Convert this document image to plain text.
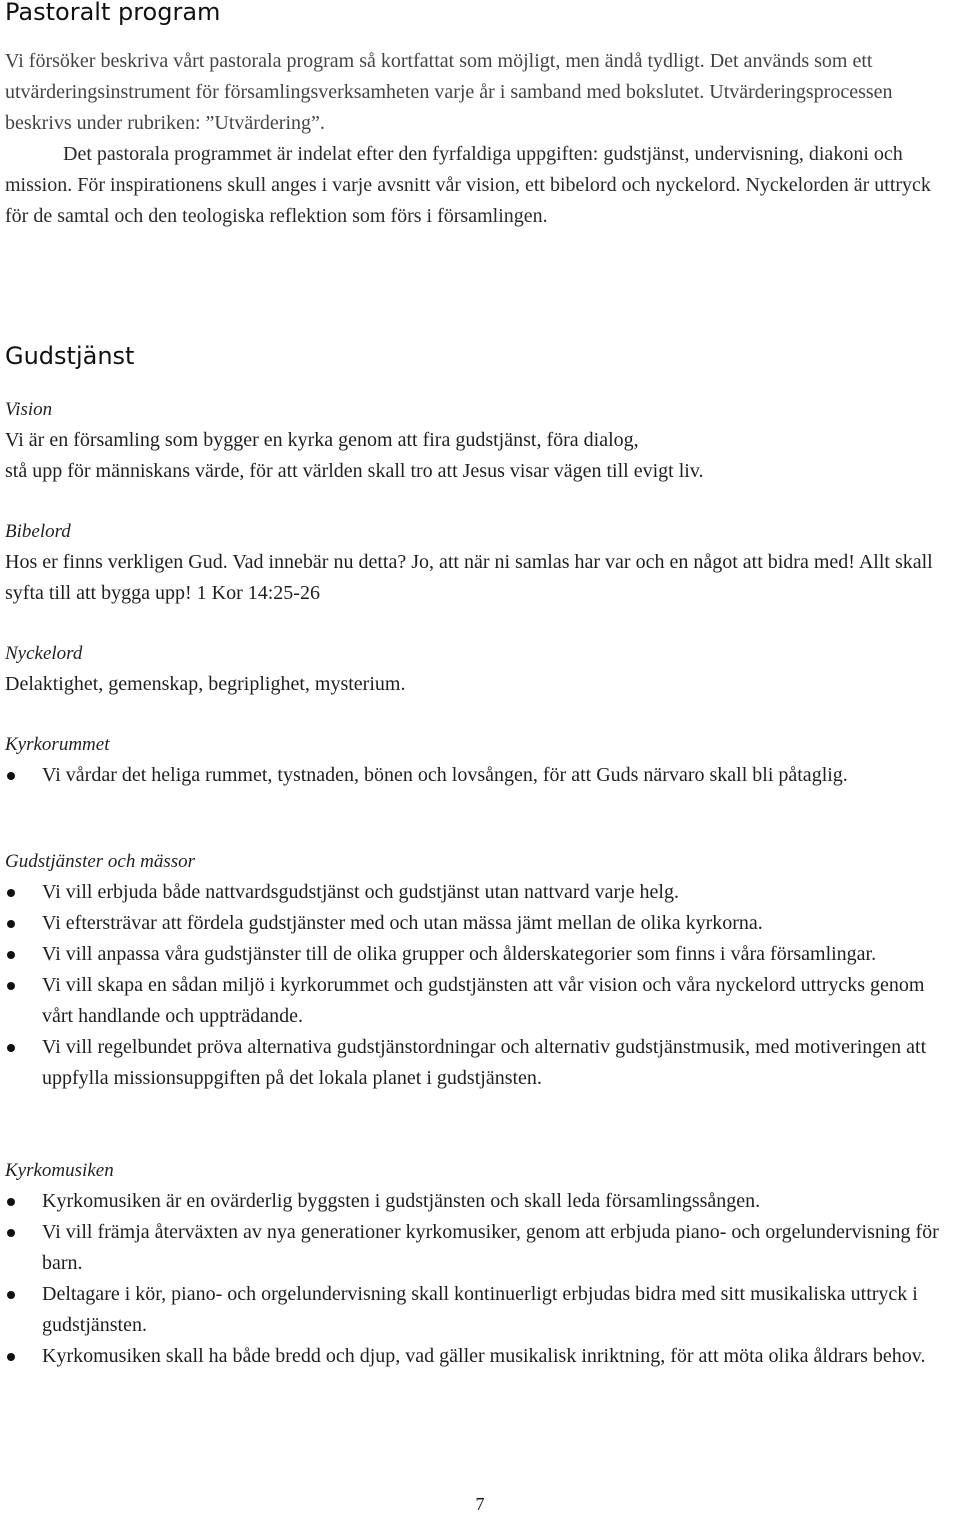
Pastoralt program
Vi försöker beskriva vårt pastorala program så kortfattat som möjligt, men ändå tydligt. Det används som ett utvärderingsinstrument för församlingsverksamheten varje år i samband med bokslutet. Utvärderingsprocessen beskrivs under rubriken: ”Utvärdering”.
Det pastorala programmet är indelat efter den fyrfaldiga uppgiften: gudstjänst, undervisning, diakoni och mission. För inspirationens skull anges i varje avsnitt vår vision, ett bibelord och nyckelord. Nyckelorden är uttryck för de samtal och den teologiska reflektion som förs i församlingen.
Gudstjänst
Vision
Vi är en församling som bygger en kyrka genom att fira gudstjänst, föra dialog,
stå upp för människans värde, för att världen skall tro att Jesus visar vägen till evigt liv.
Bibelord
Hos er finns verkligen Gud. Vad innebär nu detta? Jo, att när ni samlas har var och en något att bidra med! Allt skall syfta till att bygga upp! 1 Kor 14:25-26
Nyckelord
Delaktighet, gemenskap, begriplighet, mysterium.
Kyrkorummet
Vi vårdar det heliga rummet, tystnaden, bönen och lovsången, för att Guds närvaro skall bli påtaglig.
Gudstjänster och mässor
Vi vill erbjuda både nattvardsgudstjänst och gudstjänst utan nattvard varje helg.
Vi eftersträvar att fördela gudstjänster med och utan mässa jämt mellan de olika kyrkorna.
Vi vill anpassa våra gudstjänster till de olika grupper och ålderskategorier som finns i våra församlingar.
Vi vill skapa en sådan miljö i kyrkorummet och gudstjänsten att vår vision och våra nyckelord uttrycks genom vårt handlande och uppträdande.
Vi vill regelbundet pröva alternativa gudstjänstordningar och alternativ gudstjänstmusik, med motiveringen att uppfylla missionsuppgiften på det lokala planet i gudstjänsten.
Kyrkomusiken
Kyrkomusiken är en ovärderlig byggsten i gudstjänsten och skall leda församlingssången.
Vi vill främja återväxten av nya generationer kyrkomusiker, genom att erbjuda piano- och orgelundervisning för barn.
Deltagare i kör, piano- och orgelundervisning skall kontinuerligt erbjudas bidra med sitt musikaliska uttryck i gudstjänsten.
Kyrkomusiken skall ha både bredd och djup, vad gäller musikalisk inriktning, för att möta olika åldrars behov.
7
